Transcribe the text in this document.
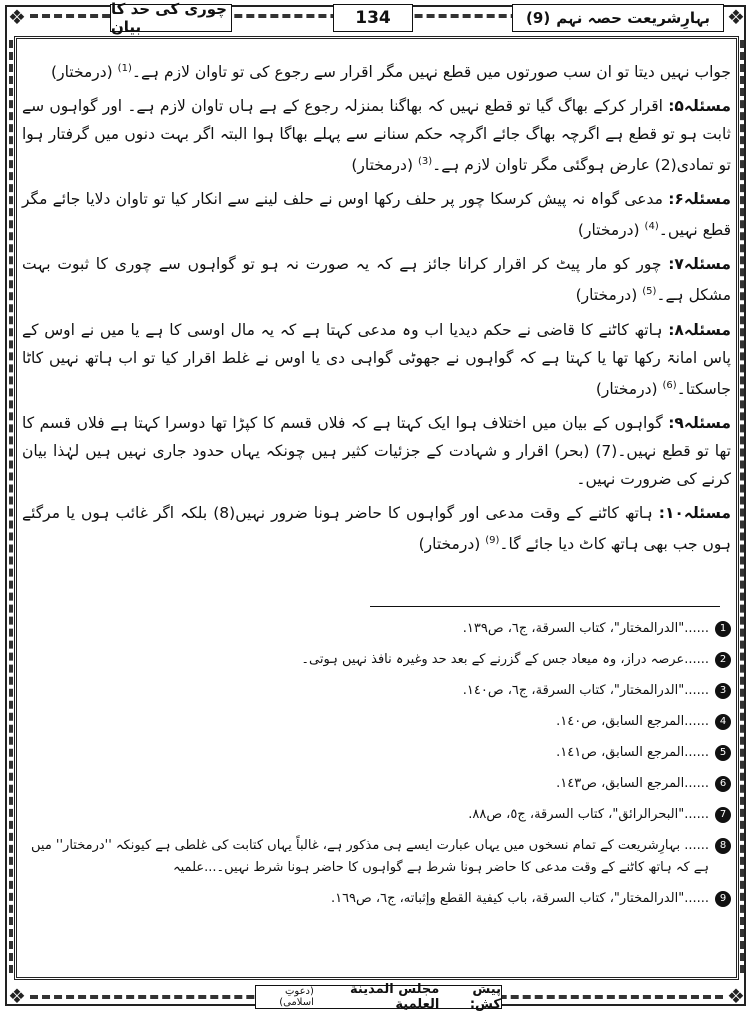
❖	❖
❖	❖
چوری کی حد کا بیان	134	بہارِشریعت حصہ نہم
(9)
جواب نہیں دیتا تو ان سب صورتوں میں قطع نہیں مگر اقرار سے رجوع کی تو تاوان لازم ہے۔$^{(1)}$ (درمختار)
مسئلہ۵: اقرار کرکے بھاگ گیا تو قطع نہیں کہ بھاگنا بمنزلہ رجوع کے ہے ہاں تاوان لازم ہے۔ اور گواہوں سے ثابت ہو تو قطع ہے اگرچہ بھاگ جائے اگرچہ حکم سنانے سے پہلے بھاگا ہوا البتہ اگر بہت دنوں میں گرفتار ہوا تو تمادی(2) عارض ہوگئی مگر تاوان لازم ہے۔$^{(3)}$ (درمختار)
مسئلہ۶: مدعی گواہ نہ پیش کرسکا چور پر حلف رکھا اوس نے حلف لینے سے انکار کیا تو تاوان دلایا جائے مگر قطع نہیں۔$^{(4)}$ (درمختار)
مسئلہ۷: چور کو مار پیٹ کر اقرار کرانا جائز ہے کہ یہ صورت نہ ہو تو گواہوں سے چوری کا ثبوت بہت مشکل ہے۔$^{(5)}$ (درمختار)
مسئلہ۸: ہاتھ کاٹنے کا قاضی نے حکم دیدیا اب وہ مدعی کہتا ہے کہ یہ مال اوسی کا ہے یا میں نے اوس کے پاس امانۃ رکھا تھا یا کہتا ہے کہ گواہوں نے جھوٹی گواہی دی یا اوس نے غلط اقرار کیا تو اب ہاتھ نہیں کاٹا جاسکتا۔$^{(6)}$ (درمختار)
مسئلہ۹: گواہوں کے بیان میں اختلاف ہوا ایک کہتا ہے کہ فلاں قسم کا کپڑا تھا دوسرا کہتا ہے فلاں قسم کا تھا تو قطع نہیں۔(7) (بحر) اقرار و شہادت کے جزئیات کثیر ہیں چونکہ یہاں حدود جاری نہیں ہیں لہٰذا بیان کرنے کی ضرورت نہیں۔
مسئلہ۱۰: ہاتھ کاٹنے کے وقت مدعی اور گواہوں کا حاضر ہونا ضرور نہیں(8) بلکہ اگر غائب ہوں یا مرگئے ہوں جب بھی ہاتھ کاٹ دیا جائے گا۔$^{(9)}$ (درمختار)
1
......"الدرالمختار"، كتاب السرقة، ج٦، ص١٣٩.
2
......عرصہ دراز، وہ میعاد جس کے گزرنے کے بعد حد وغیرہ نافذ نہیں ہوتی۔
3
......"الدرالمختار"، كتاب السرقة، ج٦، ص١٤٠.
4
......المرجع السابق، ص١٤٠.
5
......المرجع السابق، ص١٤١.
6
......المرجع السابق، ص١٤٣.
7
......"البحرالرائق"، كتاب السرقة، ج٥، ص٨٨.
8
...... بہارِشریعت کے تمام نسخوں میں یہاں عبارت ایسے ہی مذکور ہے، غالباً یہاں کتابت کی غلطی ہے کیونکہ ''درمختار'' میں ہے کہ ہاتھ کاٹنے کے وقت مدعی کا حاضر ہونا شرط ہے گواہوں کا حاضر ہونا شرط نہیں۔...علمیہ
9
......"الدرالمختار"، كتاب السرقة، باب كيفية القطع وإثباته، ج٦، ص١٦٩.
پیش کش:
مجلس المدينة العلمية
(دعوتِ اسلامی)
